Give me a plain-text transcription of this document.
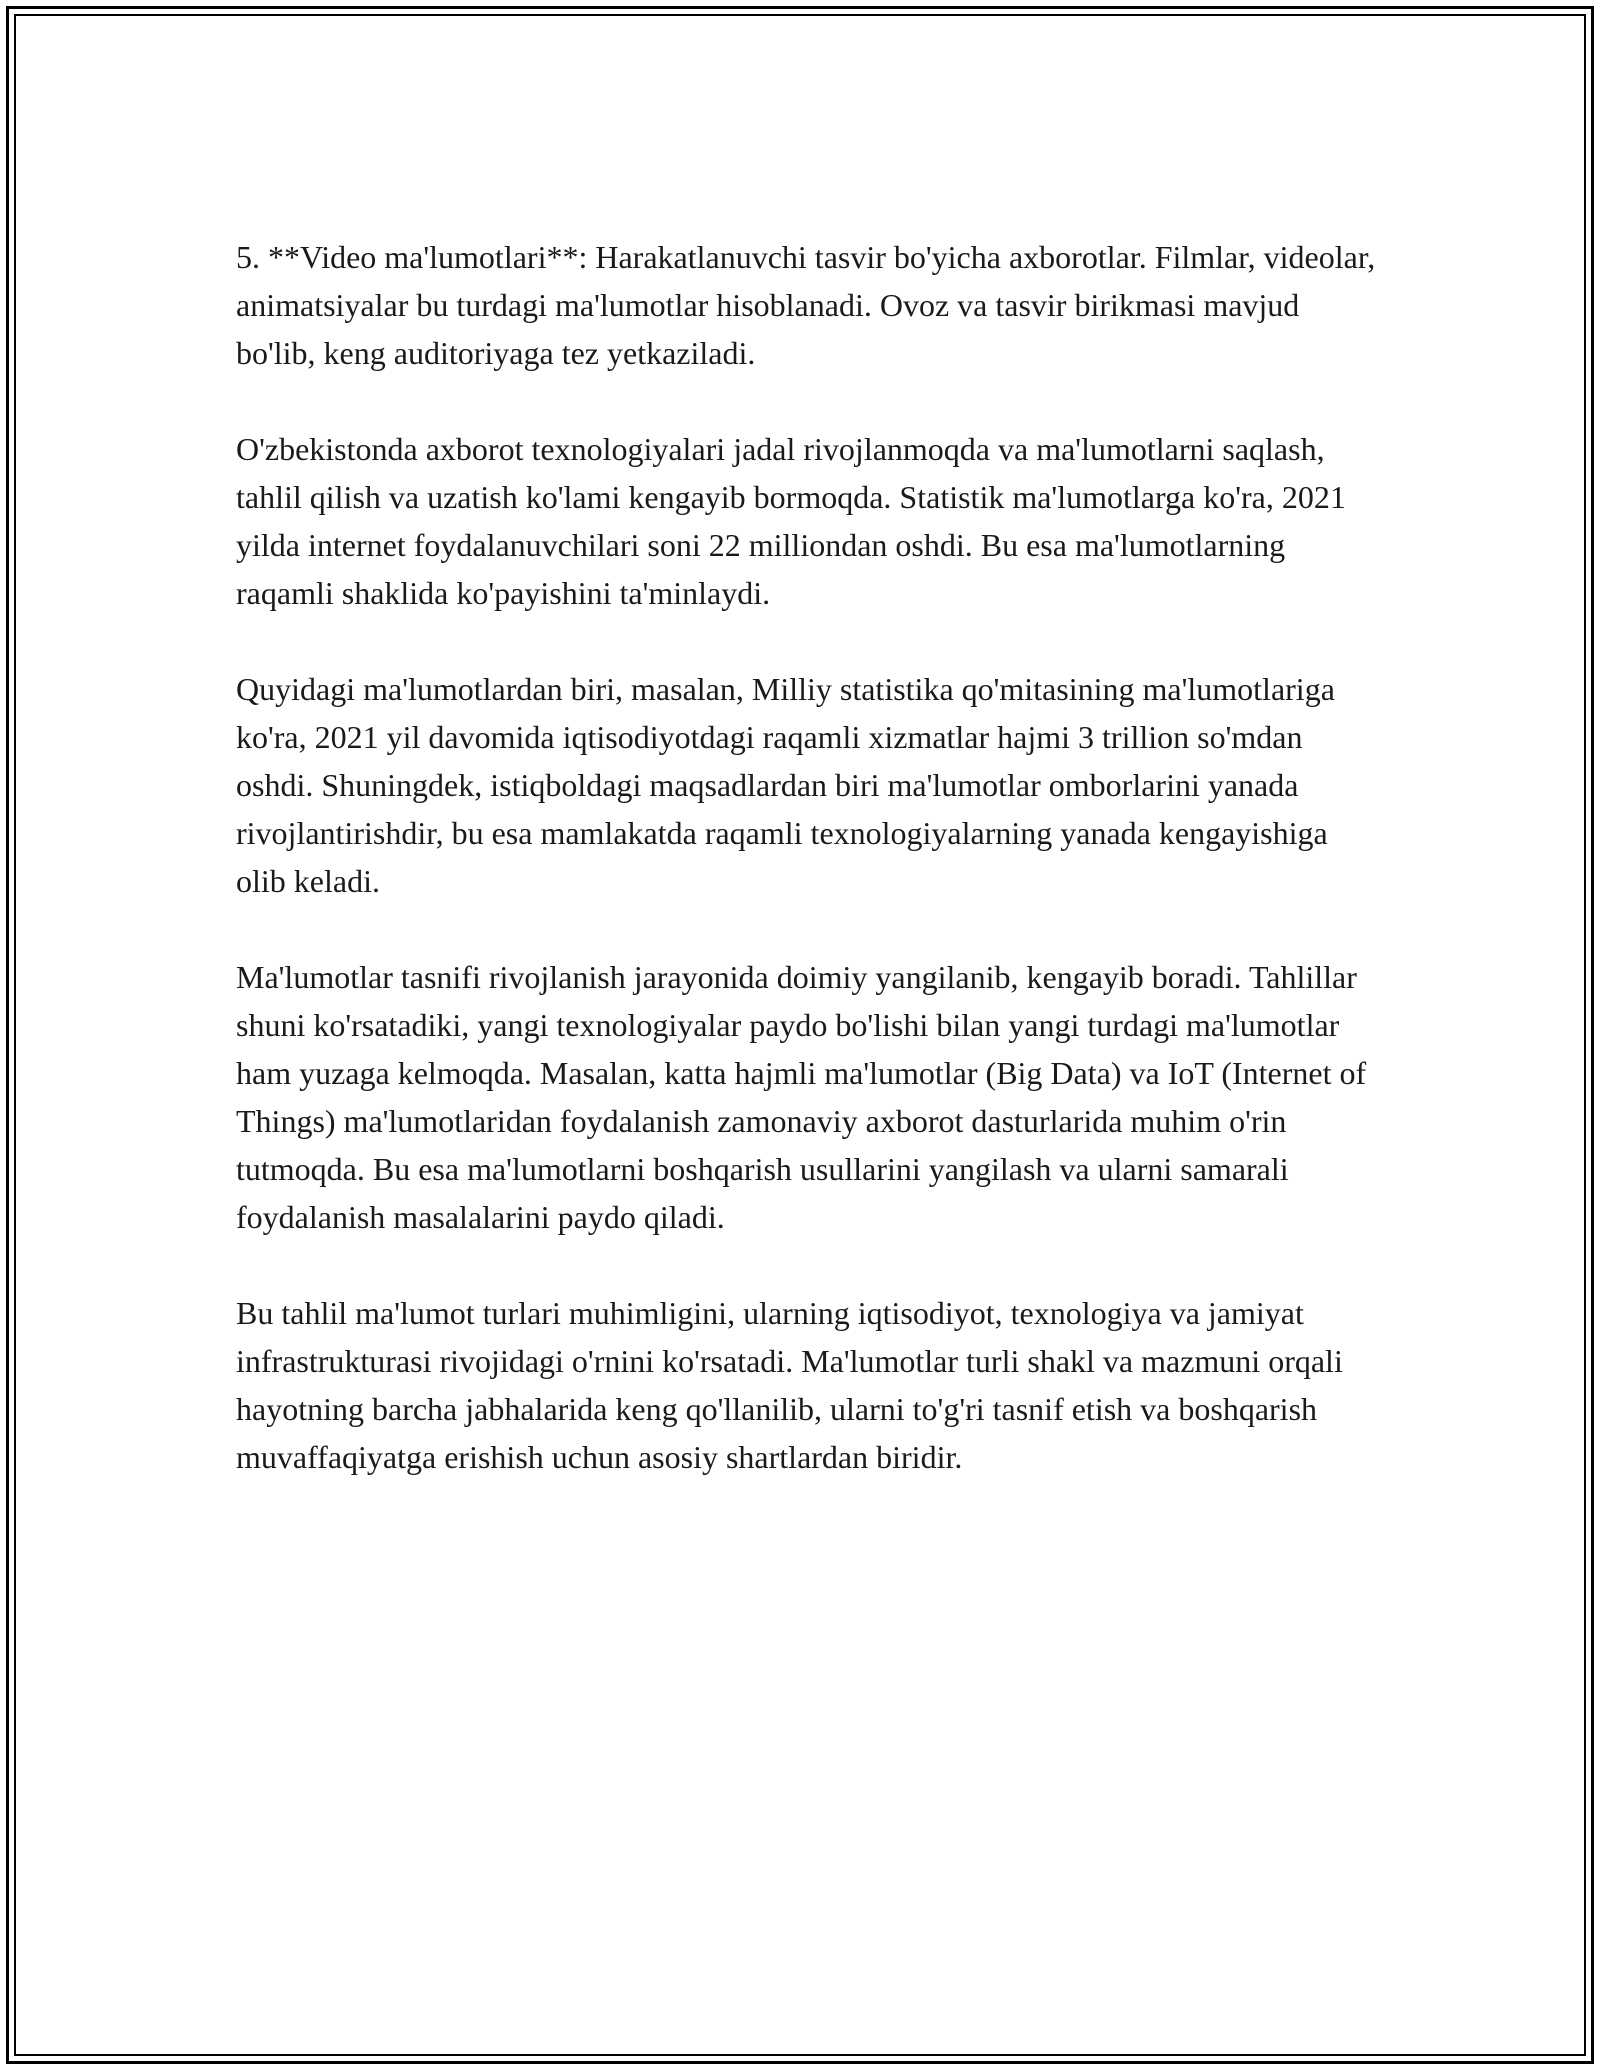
5. **Video ma'lumotlari**: Harakatlanuvchi tasvir bo'yicha axborotlar. Filmlar, videolar, animatsiyalar bu turdagi ma'lumotlar hisoblanadi. Ovoz va tasvir birikmasi mavjud bo'lib, keng auditoriyaga tez yetkaziladi.

O'zbekistonda axborot texnologiyalari jadal rivojlanmoqda va ma'lumotlarni saqlash, tahlil qilish va uzatish ko'lami kengayib bormoqda. Statistik ma'lumotlarga ko'ra, 2021 yilda internet foydalanuvchilari soni 22 milliondan oshdi. Bu esa ma'lumotlarning raqamli shaklida ko'payishini ta'minlaydi.

Quyidagi ma'lumotlardan biri, masalan, Milliy statistika qo'mitasining ma'lumotlariga ko'ra, 2021 yil davomida iqtisodiyotdagi raqamli xizmatlar hajmi 3 trillion so'mdan oshdi. Shuningdek, istiqboldagi maqsadlardan biri ma'lumotlar omborlarini yanada rivojlantirishdir, bu esa mamlakatda raqamli texnologiyalarning yanada kengayishiga olib keladi.

Ma'lumotlar tasnifi rivojlanish jarayonida doimiy yangilanib, kengayib boradi. Tahlillar shuni ko'rsatadiki, yangi texnologiyalar paydo bo'lishi bilan yangi turdagi ma'lumotlar ham yuzaga kelmoqda. Masalan, katta hajmli ma'lumotlar (Big Data) va IoT (Internet of Things) ma'lumotlaridan foydalanish zamonaviy axborot dasturlarida muhim o'rin tutmoqda. Bu esa ma'lumotlarni boshqarish usullarini yangilash va ularni samarali foydalanish masalalarini paydo qiladi.

Bu tahlil ma'lumot turlari muhimligini, ularning iqtisodiyot, texnologiya va jamiyat infrastrukturasi rivojidagi o'rnini ko'rsatadi. Ma'lumotlar turli shakl va mazmuni orqali hayotning barcha jabhalarida keng qo'llanilib, ularni to'g'ri tasnif etish va boshqarish muvaffaqiyatga erishish uchun asosiy shartlardan biridir.
